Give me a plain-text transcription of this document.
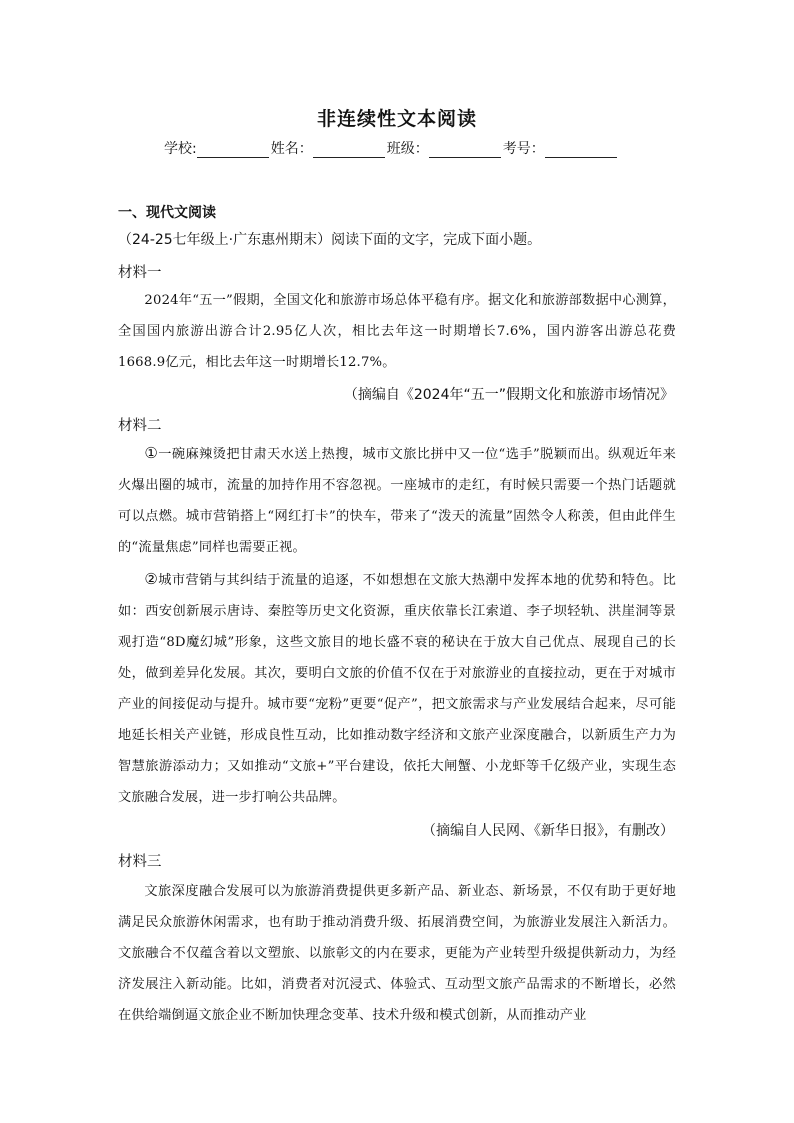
非连续性文本阅读
学校:	姓名：	班级：	考号：
一、现代文阅读
（24-25七年级上·广东惠州期末）阅读下面的文字，完成下面小题。
材料一
2024年“五一”假期，全国文化和旅游市场总体平稳有序。据文化和旅游部数据中心测算，全国国内旅游出游合计2.95亿人次，相比去年这一时期增长7.6%，国内游客出游总花费1668.9亿元，相比去年这一时期增长12.7%。
（摘编自《2024年“五一”假期文化和旅游市场情况》
材料二
①一碗麻辣烫把甘肃天水送上热搜，城市文旅比拼中又一位“选手”脱颖而出。纵观近年来火爆出圈的城市，流量的加持作用不容忽视。一座城市的走红，有时候只需要一个热门话题就可以点燃。城市营销搭上“网红打卡”的快车，带来了“泼天的流量”固然令人称羡，但由此伴生的“流量焦虑”同样也需要正视。
②城市营销与其纠结于流量的追逐，不如想想在文旅大热潮中发挥本地的优势和特色。比如：西安创新展示唐诗、秦腔等历史文化资源，重庆依靠长江索道、李子坝轻轨、洪崖洞等景观打造“8D魔幻城”形象，这些文旅目的地长盛不衰的秘诀在于放大自己优点、展现自己的长处，做到差异化发展。其次，要明白文旅的价值不仅在于对旅游业的直接拉动，更在于对城市产业的间接促动与提升。城市要“宠粉”更要“促产”，把文旅需求与产业发展结合起来，尽可能地延长相关产业链，形成良性互动，比如推动数字经济和文旅产业深度融合，以新质生产力为智慧旅游添动力；又如推动“文旅+”平台建设，依托大闸蟹、小龙虾等千亿级产业，实现生态文旅融合发展，进一步打响公共品牌。
（摘编自人民网、《新华日报》，有删改）
材料三
文旅深度融合发展可以为旅游消费提供更多新产品、新业态、新场景，不仅有助于更好地满足民众旅游休闲需求，也有助于推动消费升级、拓展消费空间，为旅游业发展注入新活力。文旅融合不仅蕴含着以文塑旅、以旅彰文的内在要求，更能为产业转型升级提供新动力，为经济发展注入新动能。比如，消费者对沉浸式、体验式、互动型文旅产品需求的不断增长，必然在供给端倒逼文旅企业不断加快理念变革、技术升级和模式创新，从而推动产业
